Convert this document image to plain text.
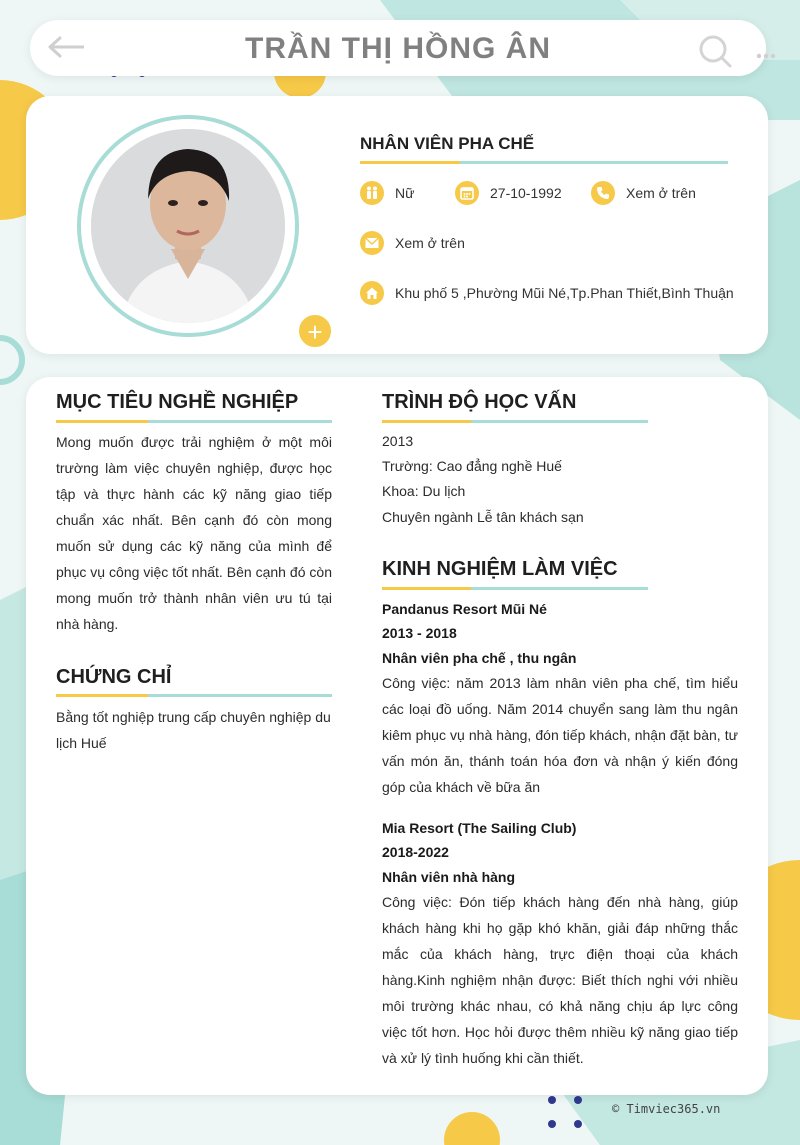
TRẦN THỊ HỒNG ÂN
+
NHÂN VIÊN PHA CHẾ
Nữ	27-10-1992	Xem ở trên
Xem ở trên
Khu phố 5 ,Phường Mũi Né,Tp.Phan Thiết,Bình Thuận
MỤC TIÊU NGHỀ NGHIỆP

Mong muốn được trải nghiệm ở một môi trường làm việc chuyên nghiệp, được học tập và thực hành các kỹ năng giao tiếp chuẩn xác nhất. Bên cạnh đó còn mong muốn sử dụng các kỹ năng của mình để phục vụ công việc tốt nhất. Bên cạnh đó còn mong muốn trở thành nhân viên ưu tú tại nhà hàng.

CHỨNG CHỈ

Bằng tốt nghiệp trung cấp chuyên nghiệp du lịch Huế

TRÌNH ĐỘ HỌC VẤN
2013
Trường: Cao đẳng nghề Huế
Khoa: Du lịch
Chuyên ngành Lễ tân khách sạn
KINH NGHIỆM LÀM VIỆC
Pandanus Resort Mũi Né
2013 - 2018
Nhân viên pha chế , thu ngân

Công việc: năm 2013 làm nhân viên pha chế, tìm hiểu các loại đồ uống. Năm 2014 chuyển sang làm thu ngân kiêm phục vụ nhà hàng, đón tiếp khách, nhận đặt bàn, tư vấn món ăn, thánh toán hóa đơn và nhận ý kiến đóng góp của khách về bữa ăn

Mia Resort (The Sailing Club)
2018-2022
Nhân viên nhà hàng

Công việc: Đón tiếp khách hàng đến nhà hàng, giúp khách hàng khi họ gặp khó khăn, giải đáp những thắc mắc của khách hàng, trực điện thoại của khách hàng.Kinh nghiệm nhận được: Biết thích nghi với nhiều môi trường khác nhau, có khả năng chịu áp lực công việc tốt hơn. Học hỏi được thêm nhiều kỹ năng giao tiếp và xử lý tình huống khi cần thiết.

© Timviec365.vn
